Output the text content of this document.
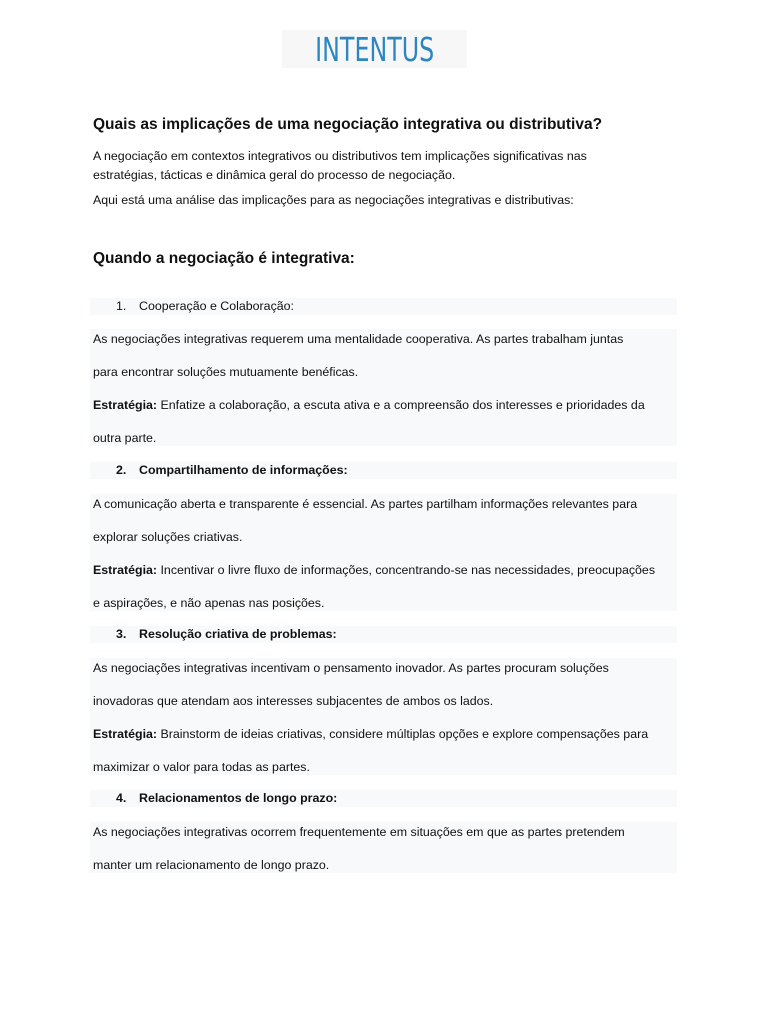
INTENTUS
Quais as implicações de uma negociação integrativa ou distributiva?
A negociação em contextos integrativos ou distributivos tem implicações significativas nas
estratégias, tácticas e dinâmica geral do processo de negociação.
Aqui está uma análise das implicações para as negociações integrativas e distributivas:
Quando a negociação é integrativa:
1. Cooperação e Colaboração:
As negociações integrativas requerem uma mentalidade cooperativa. As partes trabalham juntas
para encontrar soluções mutuamente benéficas.
Estratégia: Enfatize a colaboração, a escuta ativa e a compreensão dos interesses e prioridades da
outra parte.
2. Compartilhamento de informações:
A comunicação aberta e transparente é essencial. As partes partilham informações relevantes para
explorar soluções criativas.
Estratégia: Incentivar o livre fluxo de informações, concentrando-se nas necessidades, preocupações
e aspirações, e não apenas nas posições.
3. Resolução criativa de problemas:
As negociações integrativas incentivam o pensamento inovador. As partes procuram soluções
inovadoras que atendam aos interesses subjacentes de ambos os lados.
Estratégia: Brainstorm de ideias criativas, considere múltiplas opções e explore compensações para
maximizar o valor para todas as partes.
4. Relacionamentos de longo prazo:
As negociações integrativas ocorrem frequentemente em situações em que as partes pretendem
manter um relacionamento de longo prazo.
